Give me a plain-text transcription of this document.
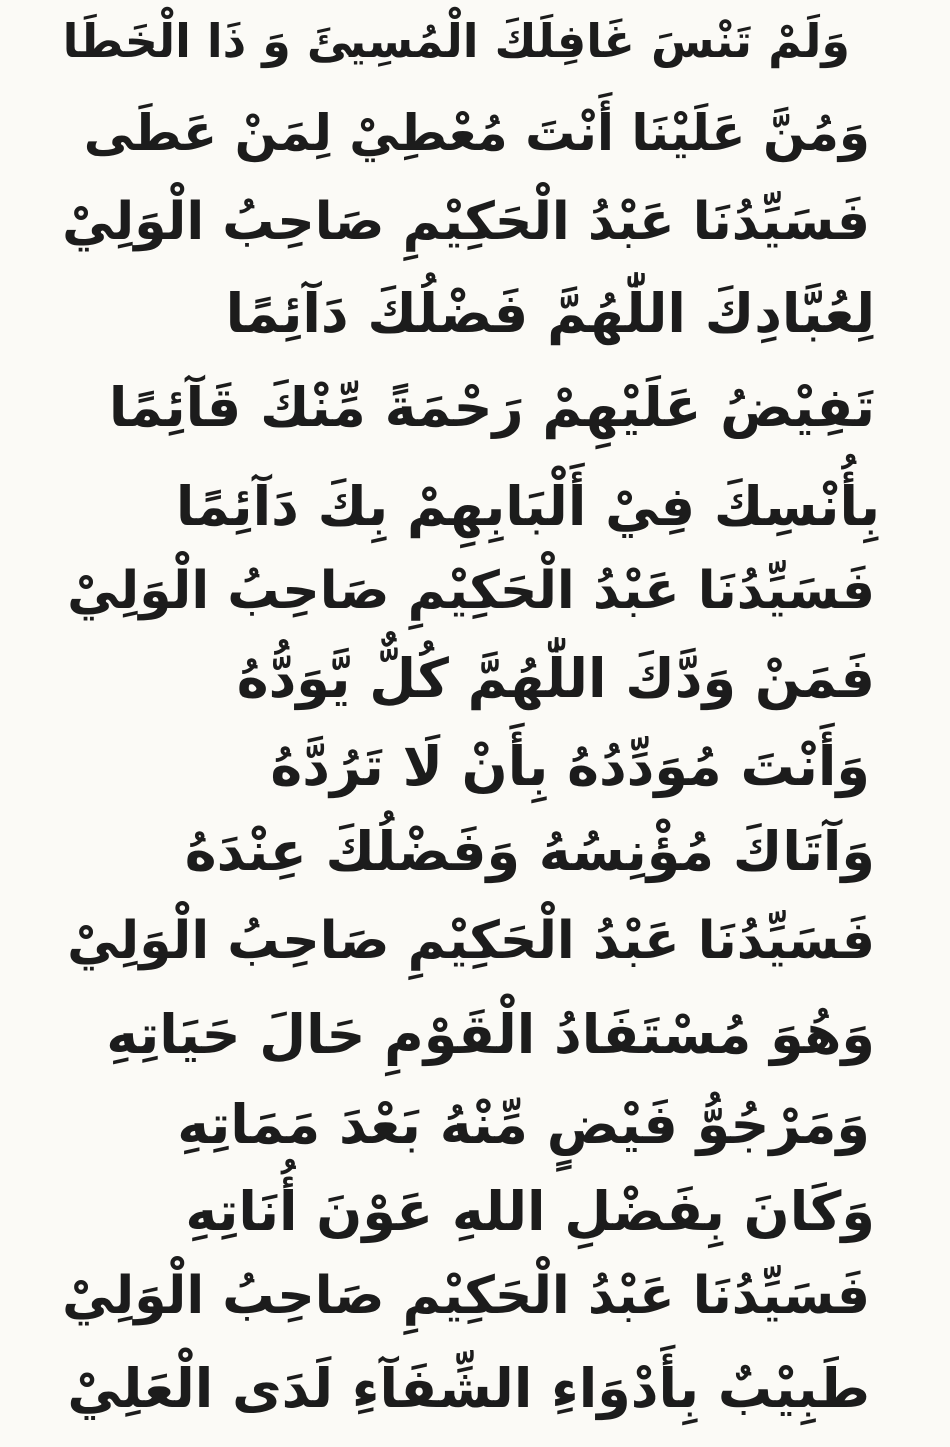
وَلَمْ تَنْسَ غَافِلَكَ الْمُسِيئَ وَ ذَا الْخَطَا
وَمُنَّ عَلَيْنَا أَنْتَ مُعْطِيْ لِمَنْ عَطَى
فَسَيِّدُنَا عَبْدُ الْحَكِيْمِ صَاحِبُ الْوَلِيْ
لِعُبَّادِكَ اللّٰهُمَّ فَضْلُكَ دَآئِمًا
تَفِيْضُ عَلَيْهِمْ رَحْمَةً مِّنْكَ قَآئِمًا
بِأُنْسِكَ فِيْ أَلْبَابِهِمْ بِكَ دَآئِمًا
فَسَيِّدُنَا عَبْدُ الْحَكِيْمِ صَاحِبُ الْوَلِيْ
فَمَنْ وَدَّكَ اللّٰهُمَّ كُلٌّ يَّوَدُّهُ
وَأَنْتَ مُوَدِّدُهُ بِأَنْ لَا تَرُدَّهُ
وَآتَاكَ مُؤْنِسُهُ وَفَضْلُكَ عِنْدَهُ
فَسَيِّدُنَا عَبْدُ الْحَكِيْمِ صَاحِبُ الْوَلِيْ
وَهُوَ مُسْتَفَادُ الْقَوْمِ حَالَ حَيَاتِهِ
وَمَرْجُوُّ فَيْضٍ مِّنْهُ بَعْدَ مَمَاتِهِ
وَكَانَ بِفَضْلِ اللهِ عَوْنَ أُنَاتِهِ
فَسَيِّدُنَا عَبْدُ الْحَكِيْمِ صَاحِبُ الْوَلِيْ
طَبِيْبٌ بِأَدْوَاءِ الشِّفَآءِ لَدَى الْعَلِيْ
